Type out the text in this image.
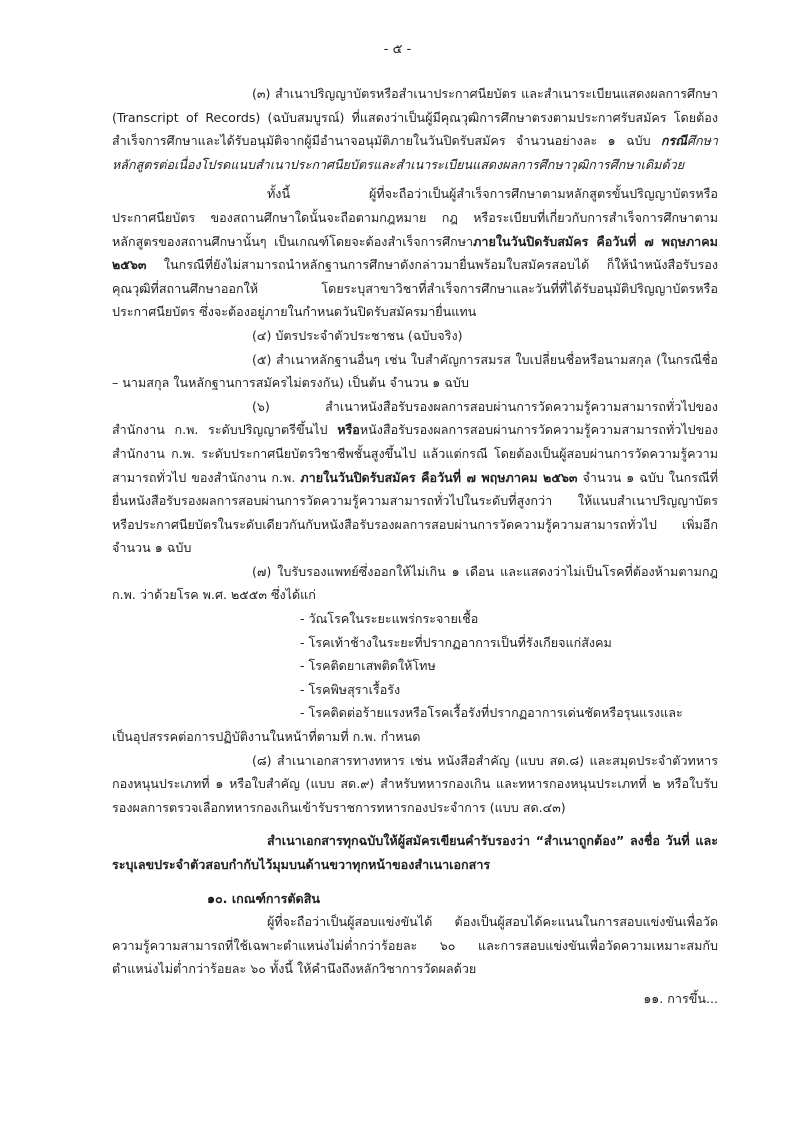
- ๕ -

(๓) สำเนาปริญญาบัตรหรือสำเนาประกาศนียบัตร และสำเนาระเบียนแสดงผลการศึกษา (Transcript of Records) (ฉบับสมบูรณ์) ที่แสดงว่าเป็นผู้มีคุณวุฒิการศึกษาตรงตามประกาศรับสมัคร โดยต้องสำเร็จการศึกษาและได้รับอนุมัติจากผู้มีอำนาจอนุมัติภายในวันปิดรับสมัคร จำนวนอย่างละ ๑ ฉบับ กรณีศึกษาหลักสูตรต่อเนื่องโปรดแนบสำเนาประกาศนียบัตรและสำเนาระเบียนแสดงผลการศึกษาวุฒิการศึกษาเดิมด้วย

ทั้งนี้ ผู้ที่จะถือว่าเป็นผู้สำเร็จการศึกษาตามหลักสูตรขั้นปริญญาบัตรหรือประกาศนียบัตร ของสถานศึกษาใดนั้นจะถือตามกฎหมาย กฎ หรือระเบียบที่เกี่ยวกับการสำเร็จการศึกษาตามหลักสูตรของสถานศึกษานั้นๆ เป็นเกณฑ์โดยจะต้องสำเร็จการศึกษาภายในวันปิดรับสมัคร คือวันที่ ๗ พฤษภาคม ๒๕๖๓ ในกรณีที่ยังไม่สามารถนำหลักฐานการศึกษาดังกล่าวมายื่นพร้อมใบสมัครสอบได้ ก็ให้นำหนังสือรับรองคุณวุฒิที่สถานศึกษาออกให้ โดยระบุสาขาวิชาที่สำเร็จการศึกษาและวันที่ที่ได้รับอนุมัติปริญญาบัตรหรือประกาศนียบัตร ซึ่งจะต้องอยู่ภายในกำหนดวันปิดรับสมัครมายื่นแทน

(๔) บัตรประจำตัวประชาชน (ฉบับจริง)

(๕) สำเนาหลักฐานอื่นๆ เช่น ใบสำคัญการสมรส ใบเปลี่ยนชื่อหรือนามสกุล (ในกรณีชื่อ – นามสกุล ในหลักฐานการสมัครไม่ตรงกัน) เป็นต้น จำนวน ๑ ฉบับ

(๖) สำเนาหนังสือรับรองผลการสอบผ่านการวัดความรู้ความสามารถทั่วไปของสำนักงาน ก.พ. ระดับปริญญาตรีขึ้นไป หรือหนังสือรับรองผลการสอบผ่านการวัดความรู้ความสามารถทั่วไปของสำนักงาน ก.พ. ระดับประกาศนียบัตรวิชาชีพชั้นสูงขึ้นไป แล้วแต่กรณี โดยต้องเป็นผู้สอบผ่านการวัดความรู้ความสามารถทั่วไป ของสำนักงาน ก.พ. ภายในวันปิดรับสมัคร คือวันที่ ๗ พฤษภาคม ๒๕๖๓ จำนวน ๑ ฉบับ ในกรณีที่ยื่นหนังสือรับรองผลการสอบผ่านการวัดความรู้ความสามารถทั่วไปในระดับที่สูงกว่า ให้แนบสำเนาปริญญาบัตรหรือประกาศนียบัตรในระดับเดียวกันกับหนังสือรับรองผลการสอบผ่านการวัดความรู้ความสามารถทั่วไป เพิ่มอีกจำนวน ๑ ฉบับ

(๗) ใบรับรองแพทย์ซึ่งออกให้ไม่เกิน ๑ เดือน และแสดงว่าไม่เป็นโรคที่ต้องห้ามตามกฎ ก.พ. ว่าด้วยโรค พ.ศ. ๒๕๕๓ ซึ่งได้แก่

- วัณโรคในระยะแพร่กระจายเชื้อ
- โรคเท้าช้างในระยะที่ปรากฏอาการเป็นที่รังเกียจแก่สังคม
- โรคติดยาเสพติดให้โทษ
- โรคพิษสุราเรื้อรัง
- โรคติดต่อร้ายแรงหรือโรคเรื้อรังที่ปรากฏอาการเด่นชัดหรือรุนแรงและ

เป็นอุปสรรคต่อการปฏิบัติงานในหน้าที่ตามที่ ก.พ. กำหนด

(๘) สำเนาเอกสารทางทหาร เช่น หนังสือสำคัญ (แบบ สด.๘) และสมุดประจำตัวทหารกองหนุนประเภทที่ ๑ หรือใบสำคัญ (แบบ สด.๙) สำหรับทหารกองเกิน และทหารกองหนุนประเภทที่ ๒ หรือใบรับรองผลการตรวจเลือกทหารกองเกินเข้ารับราชการทหารกองประจำการ (แบบ สด.๔๓)

สำเนาเอกสารทุกฉบับให้ผู้สมัครเขียนคำรับรองว่า “สำเนาถูกต้อง” ลงชื่อ วันที่ และระบุเลขประจำตัวสอบกำกับไว้มุมบนด้านขวาทุกหน้าของสำเนาเอกสาร

๑๐. เกณฑ์การตัดสิน

ผู้ที่จะถือว่าเป็นผู้สอบแข่งขันได้ ต้องเป็นผู้สอบได้คะแนนในการสอบแข่งขันเพื่อวัดความรู้ความสามารถที่ใช้เฉพาะตำแหน่งไม่ต่ำกว่าร้อยละ ๖๐ และการสอบแข่งขันเพื่อวัดความเหมาะสมกับตำแหน่งไม่ต่ำกว่าร้อยละ ๖๐ ทั้งนี้ ให้คำนึงถึงหลักวิชาการวัดผลด้วย

๑๑. การขึ้น...
